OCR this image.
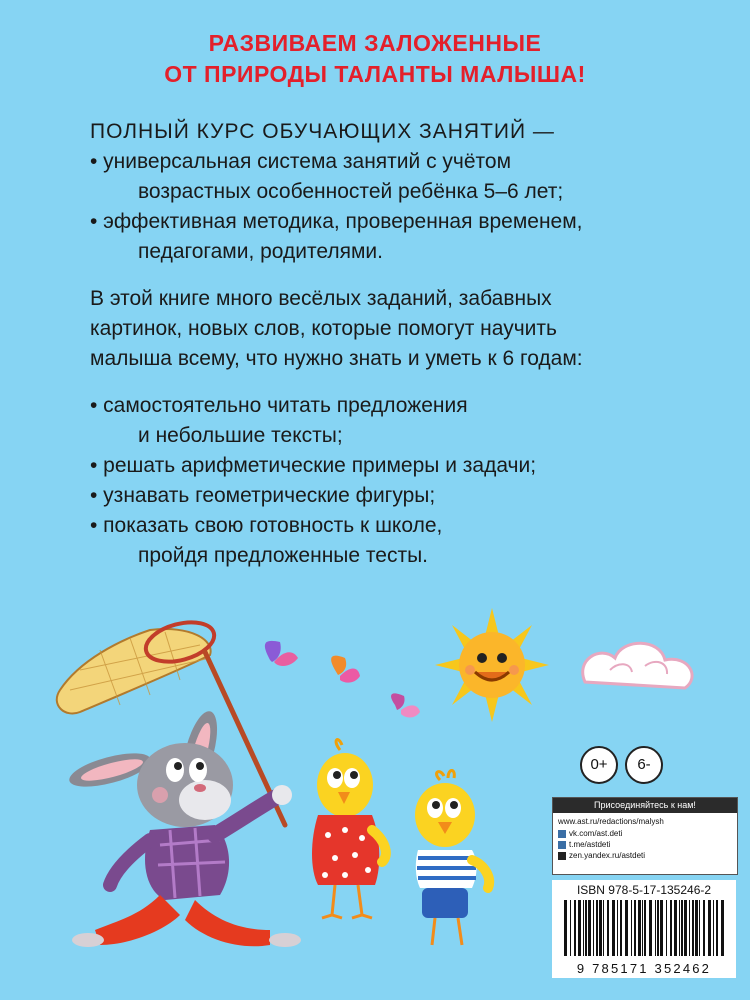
РАЗВИВАЕМ ЗАЛОЖЕННЫЕ
ОТ ПРИРОДЫ ТАЛАНТЫ МАЛЫША!

ПОЛНЫЙ КУРС ОБУЧАЮЩИХ ЗАНЯТИЙ —

• универсальная система занятий с учётом
возрастных особенностей ребёнка 5–6 лет;

• эффективная методика, проверенная временем,
педагогами, родителями.

В этой книге много весёлых заданий, забавных

картинок, новых слов, которые помогут научить

малыша всему, что нужно знать и уметь к 6 годам:

• самостоятельно читать предложения
и небольшие тексты;

• решать арифметические примеры и задачи;

• узнавать геометрические фигуры;

• показать свою готовность к школе,
пройдя предложенные тесты.

0+	6-
Присоединяйтесь к нам!
www.ast.ru/redactions/malysh
vk.com/ast.deti
t.me/astdeti
zen.yandex.ru/astdeti
ISBN 978-5-17-135246-2
9 785171 352462
